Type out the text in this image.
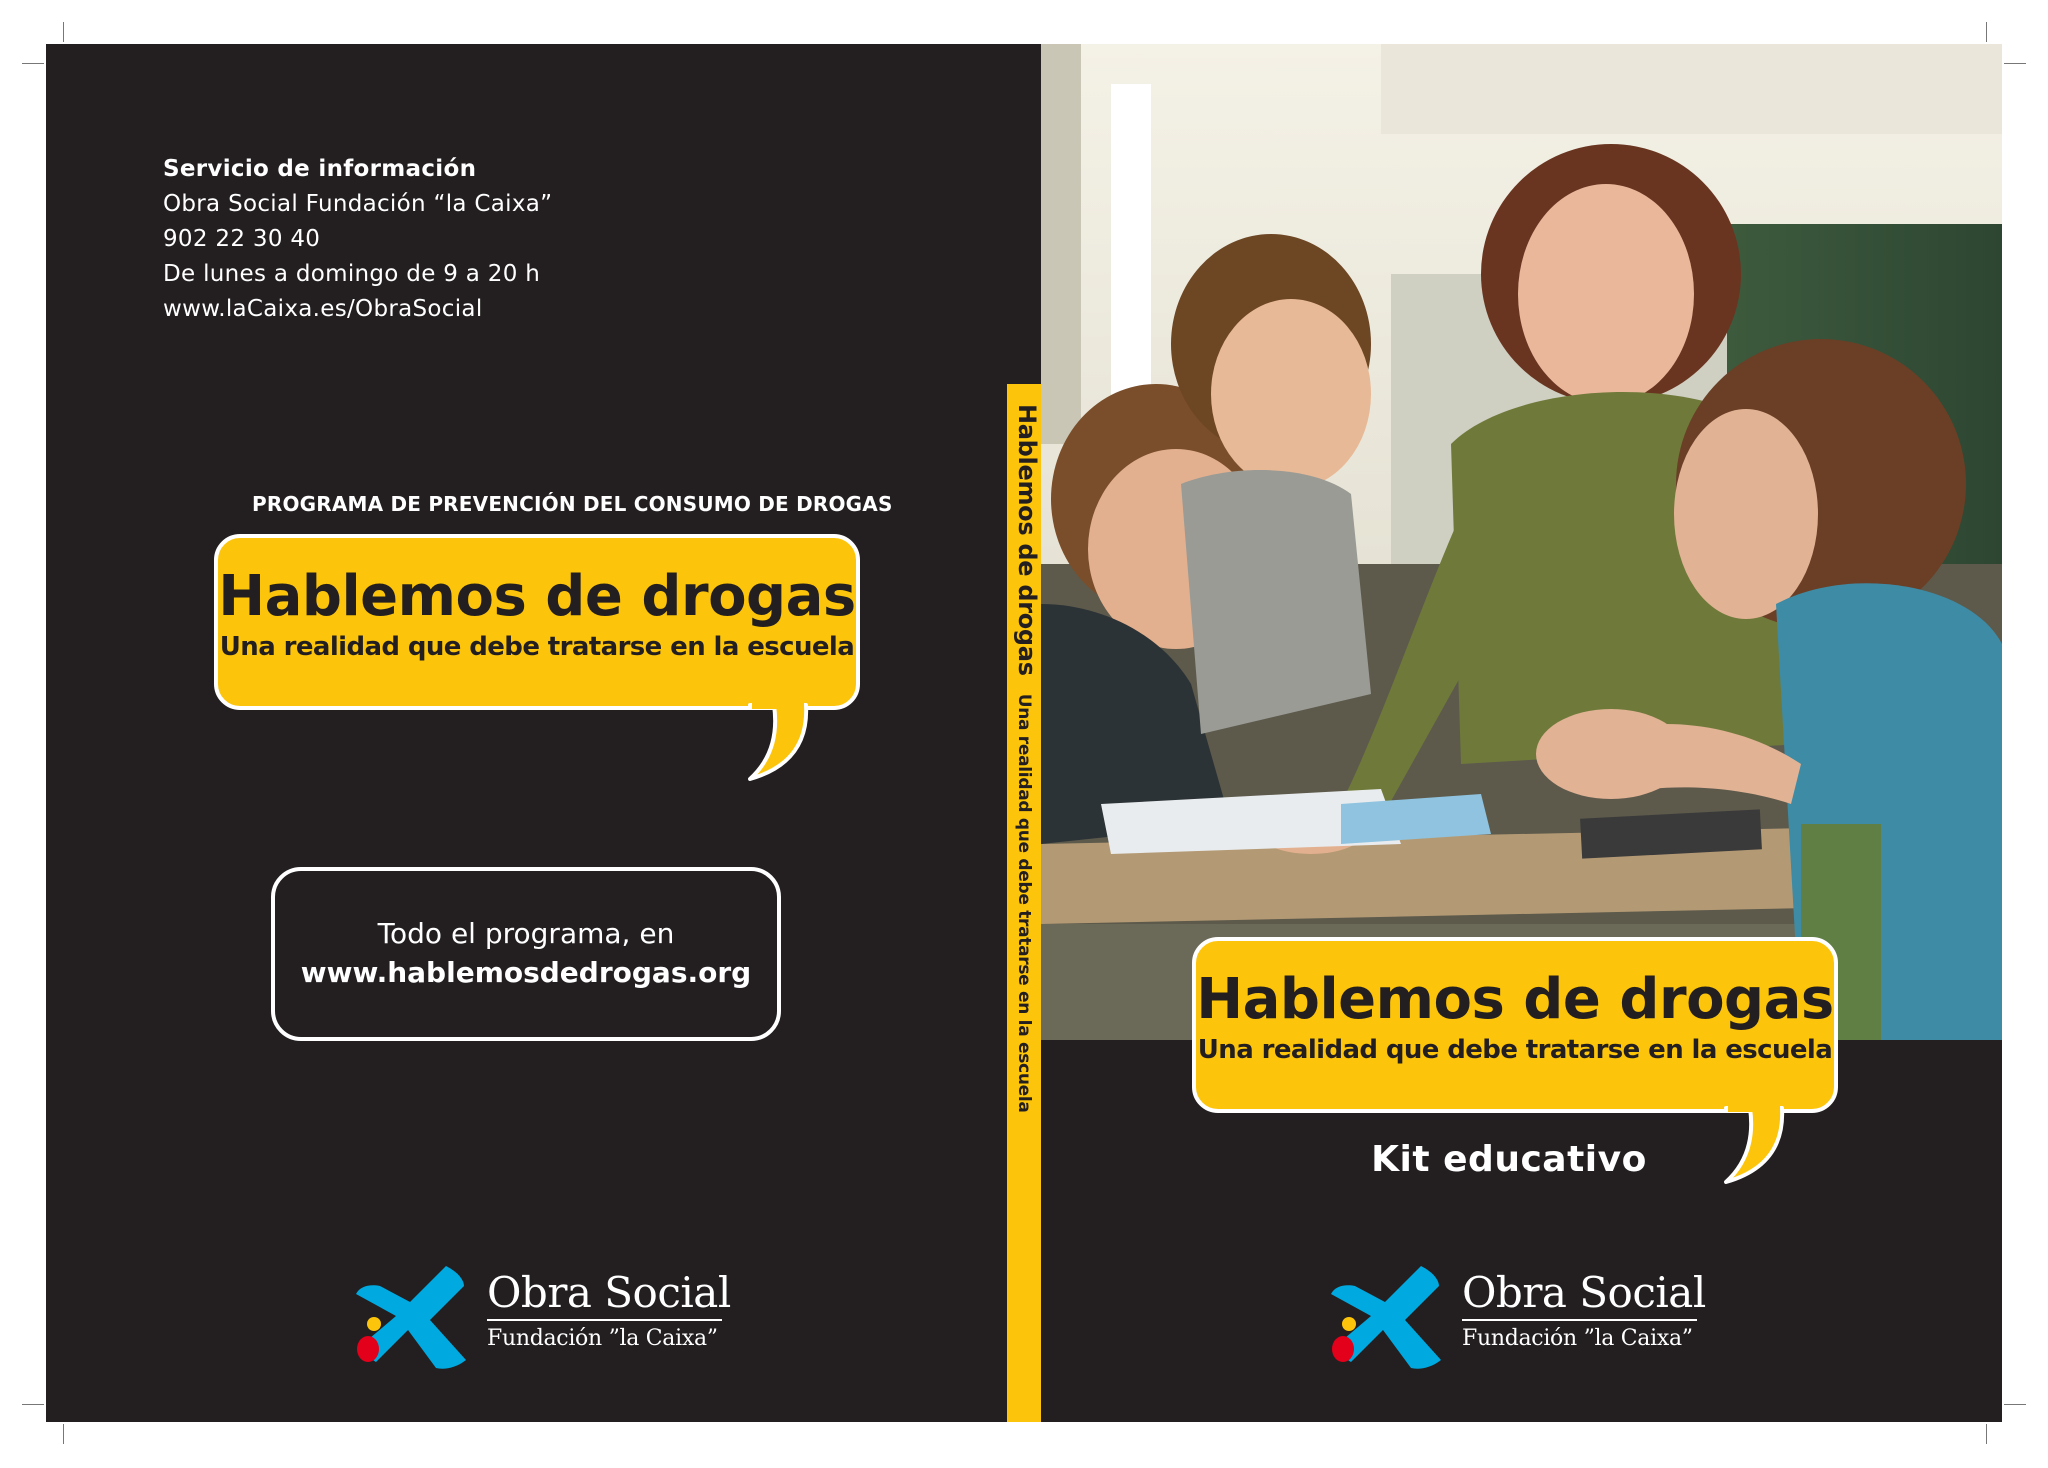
Servicio de información
Obra Social Fundación “la Caixa”
902 22 30 40
De lunes a domingo de 9 a 20 h
www.laCaixa.es/ObraSocial
PROGRAMA DE PREVENCIÓN DEL CONSUMO DE DROGAS
Hablemos de drogas
Una realidad que debe tratarse en la escuela
Todo el programa, en
www.hablemosdedrogas.org
Obra Social
Fundación ”la Caixa”
Hablemos de drogasUna realidad que debe tratarse en la escuela	Hablemos de drogas
Una realidad que debe tratarse en la escuela
Kit educativo
Obra Social
Fundación ”la Caixa”
